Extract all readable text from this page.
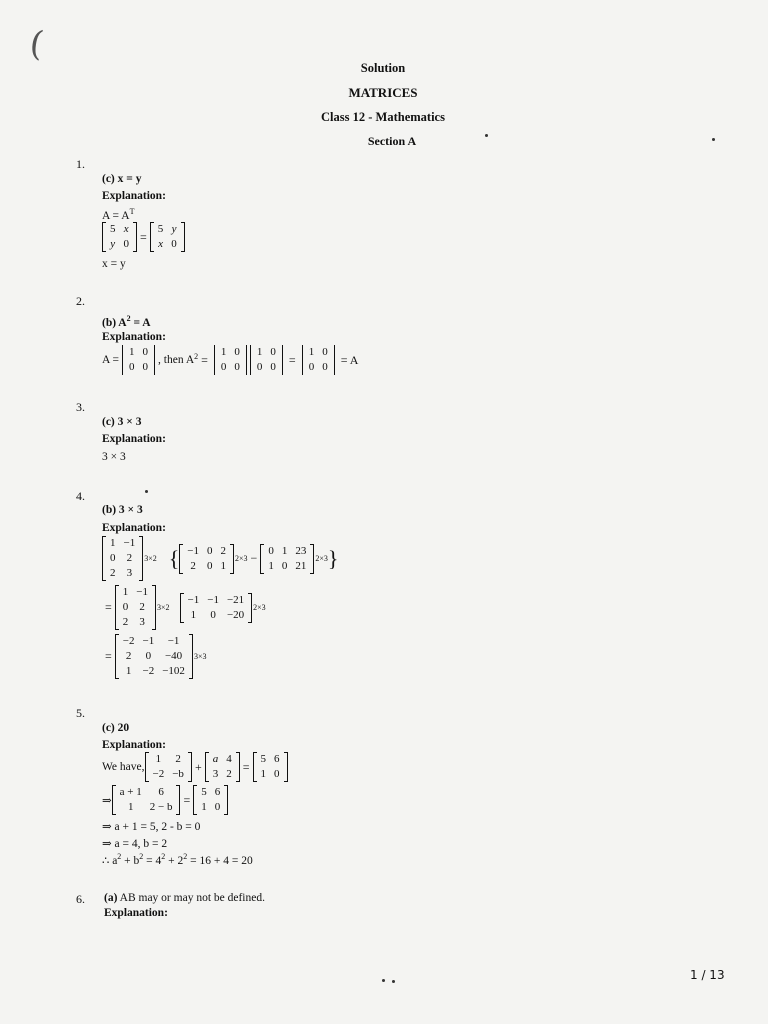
(
Solution
MATRICES
Class 12 - Mathematics
Section A
1.
(c) x = y
Explanation:
$A = A^T$
5	x
y	0
=
5	y
x	0
x = y
2.
(b) $A^2 = A$
Explanation:
A =
1	0
0	0
, then $A^2$ =
1	0
0	0
1	0
0	0
=
1	0
0	0
= A
3.
(c) 3 × 3
Explanation:
3 × 3
4.
(b) 3 × 3
Explanation:
1	−1
0	2
2	3
3×2 { −1	0	2
2	0	1
2×3 −
0	1	23
1	0	21
2×3 }
=
1	−1
0	2
2	3
3×2
−1	−1	−21
1	0	−20
2×3
=
−2	−1	−1
2	0	−40
1	−2	−102
3×3
5.
(c) 20
Explanation:
We have,
1	2
−2	−b
+
a	4
3	2
=
5	6
1	0
⇒
a + 1	6
1	2 − b
=
5	6
1	0
⇒ a + 1 = 5, 2 - b = 0
⇒ a = 4, b = 2
∴ $a^2 + b^2 = 4^2 + 2^2 = 16 + 4 = 20$
6. (a) AB may or may not be defined.
Explanation:
1 / 13
